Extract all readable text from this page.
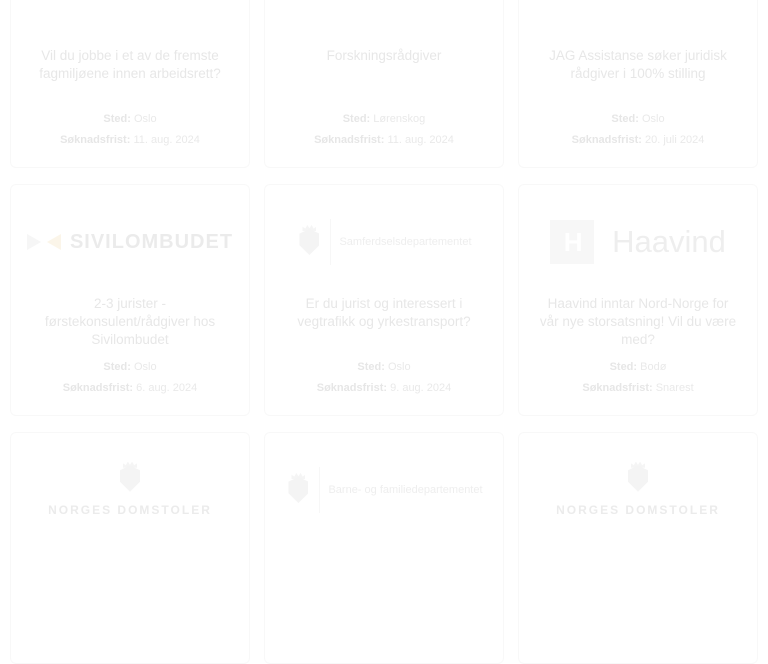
Vil du jobbe i et av de fremste fagmiljøene innen arbeidsrett?
Sted: Oslo
Søknadsfrist: 11. aug. 2024
Forskningsrådgiver
Sted: Lørenskog
Søknadsfrist: 11. aug. 2024
JAG Assistanse søker juridisk rådgiver i 100% stilling
Sted: Oslo
Søknadsfrist: 20. juli 2024
SIVILOMBUDET
2-3 jurister - førstekonsulent/rådgiver hos Sivilombudet
Sted: Oslo
Søknadsfrist: 6. aug. 2024
Samferdselsdepartementet
Er du jurist og interessert i vegtrafikk og yrkestransport?
Sted: Oslo
Søknadsfrist: 9. aug. 2024
H	Haavind
Haavind inntar Nord-Norge for vår nye storsatsning! Vil du være med?
Sted: Bodø
Søknadsfrist: Snarest
NORGES DOMSTOLER
Barne- og familiedepartementet
NORGES DOMSTOLER
